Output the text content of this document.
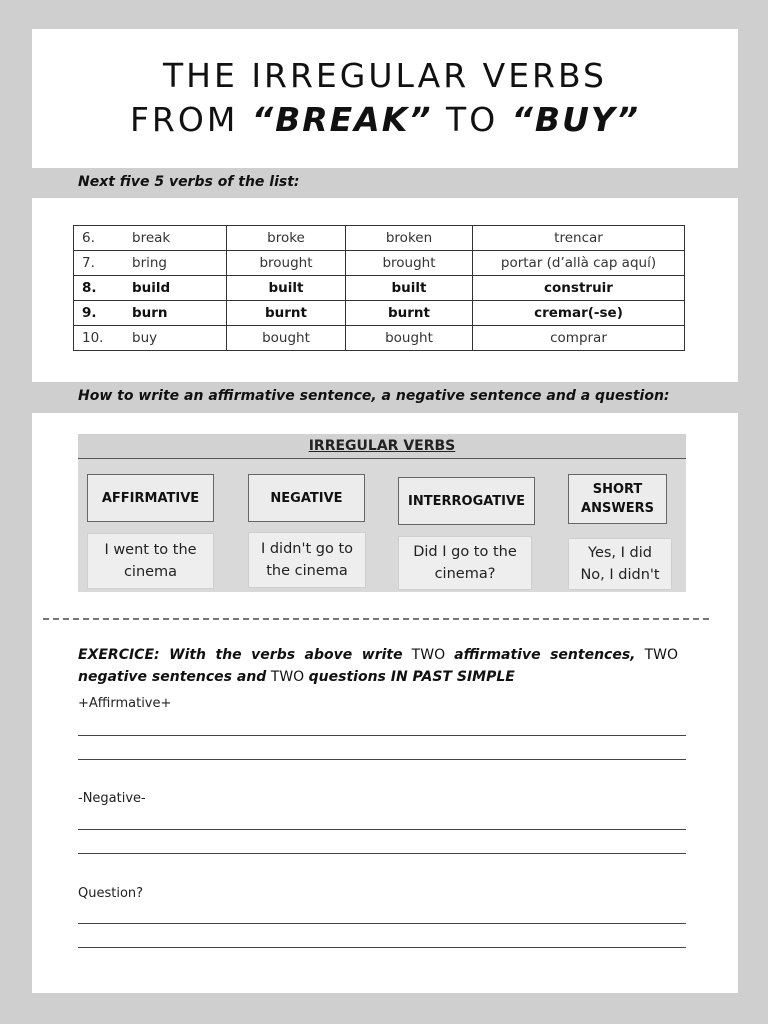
THE IRREGULAR VERBS
FROM “BREAK” TO “BUY”
Next five 5 verbs of the list:
6.	break	broke	broken	trencar
7.	bring	brought	brought	portar (d’allà cap aquí)
8.	build	built	built	construir
9.	burn	burnt	burnt	cremar(-se)
10.	buy	bought	bought	comprar
How to write an affirmative sentence, a negative sentence and a question:
IRREGULAR VERBS
AFFIRMATIVE	NEGATIVE	INTERROGATIVE
SHORT ANSWERS
I went to the cinema
I didn't go to the cinema
Did I go to the cinema?
Yes, I did No, I didn't
EXERCICE: With the verbs above write TWO affirmative sentences, TWO negative sentences and TWO questions IN PAST SIMPLE
+Affirmative+
-Negative-
Question?
